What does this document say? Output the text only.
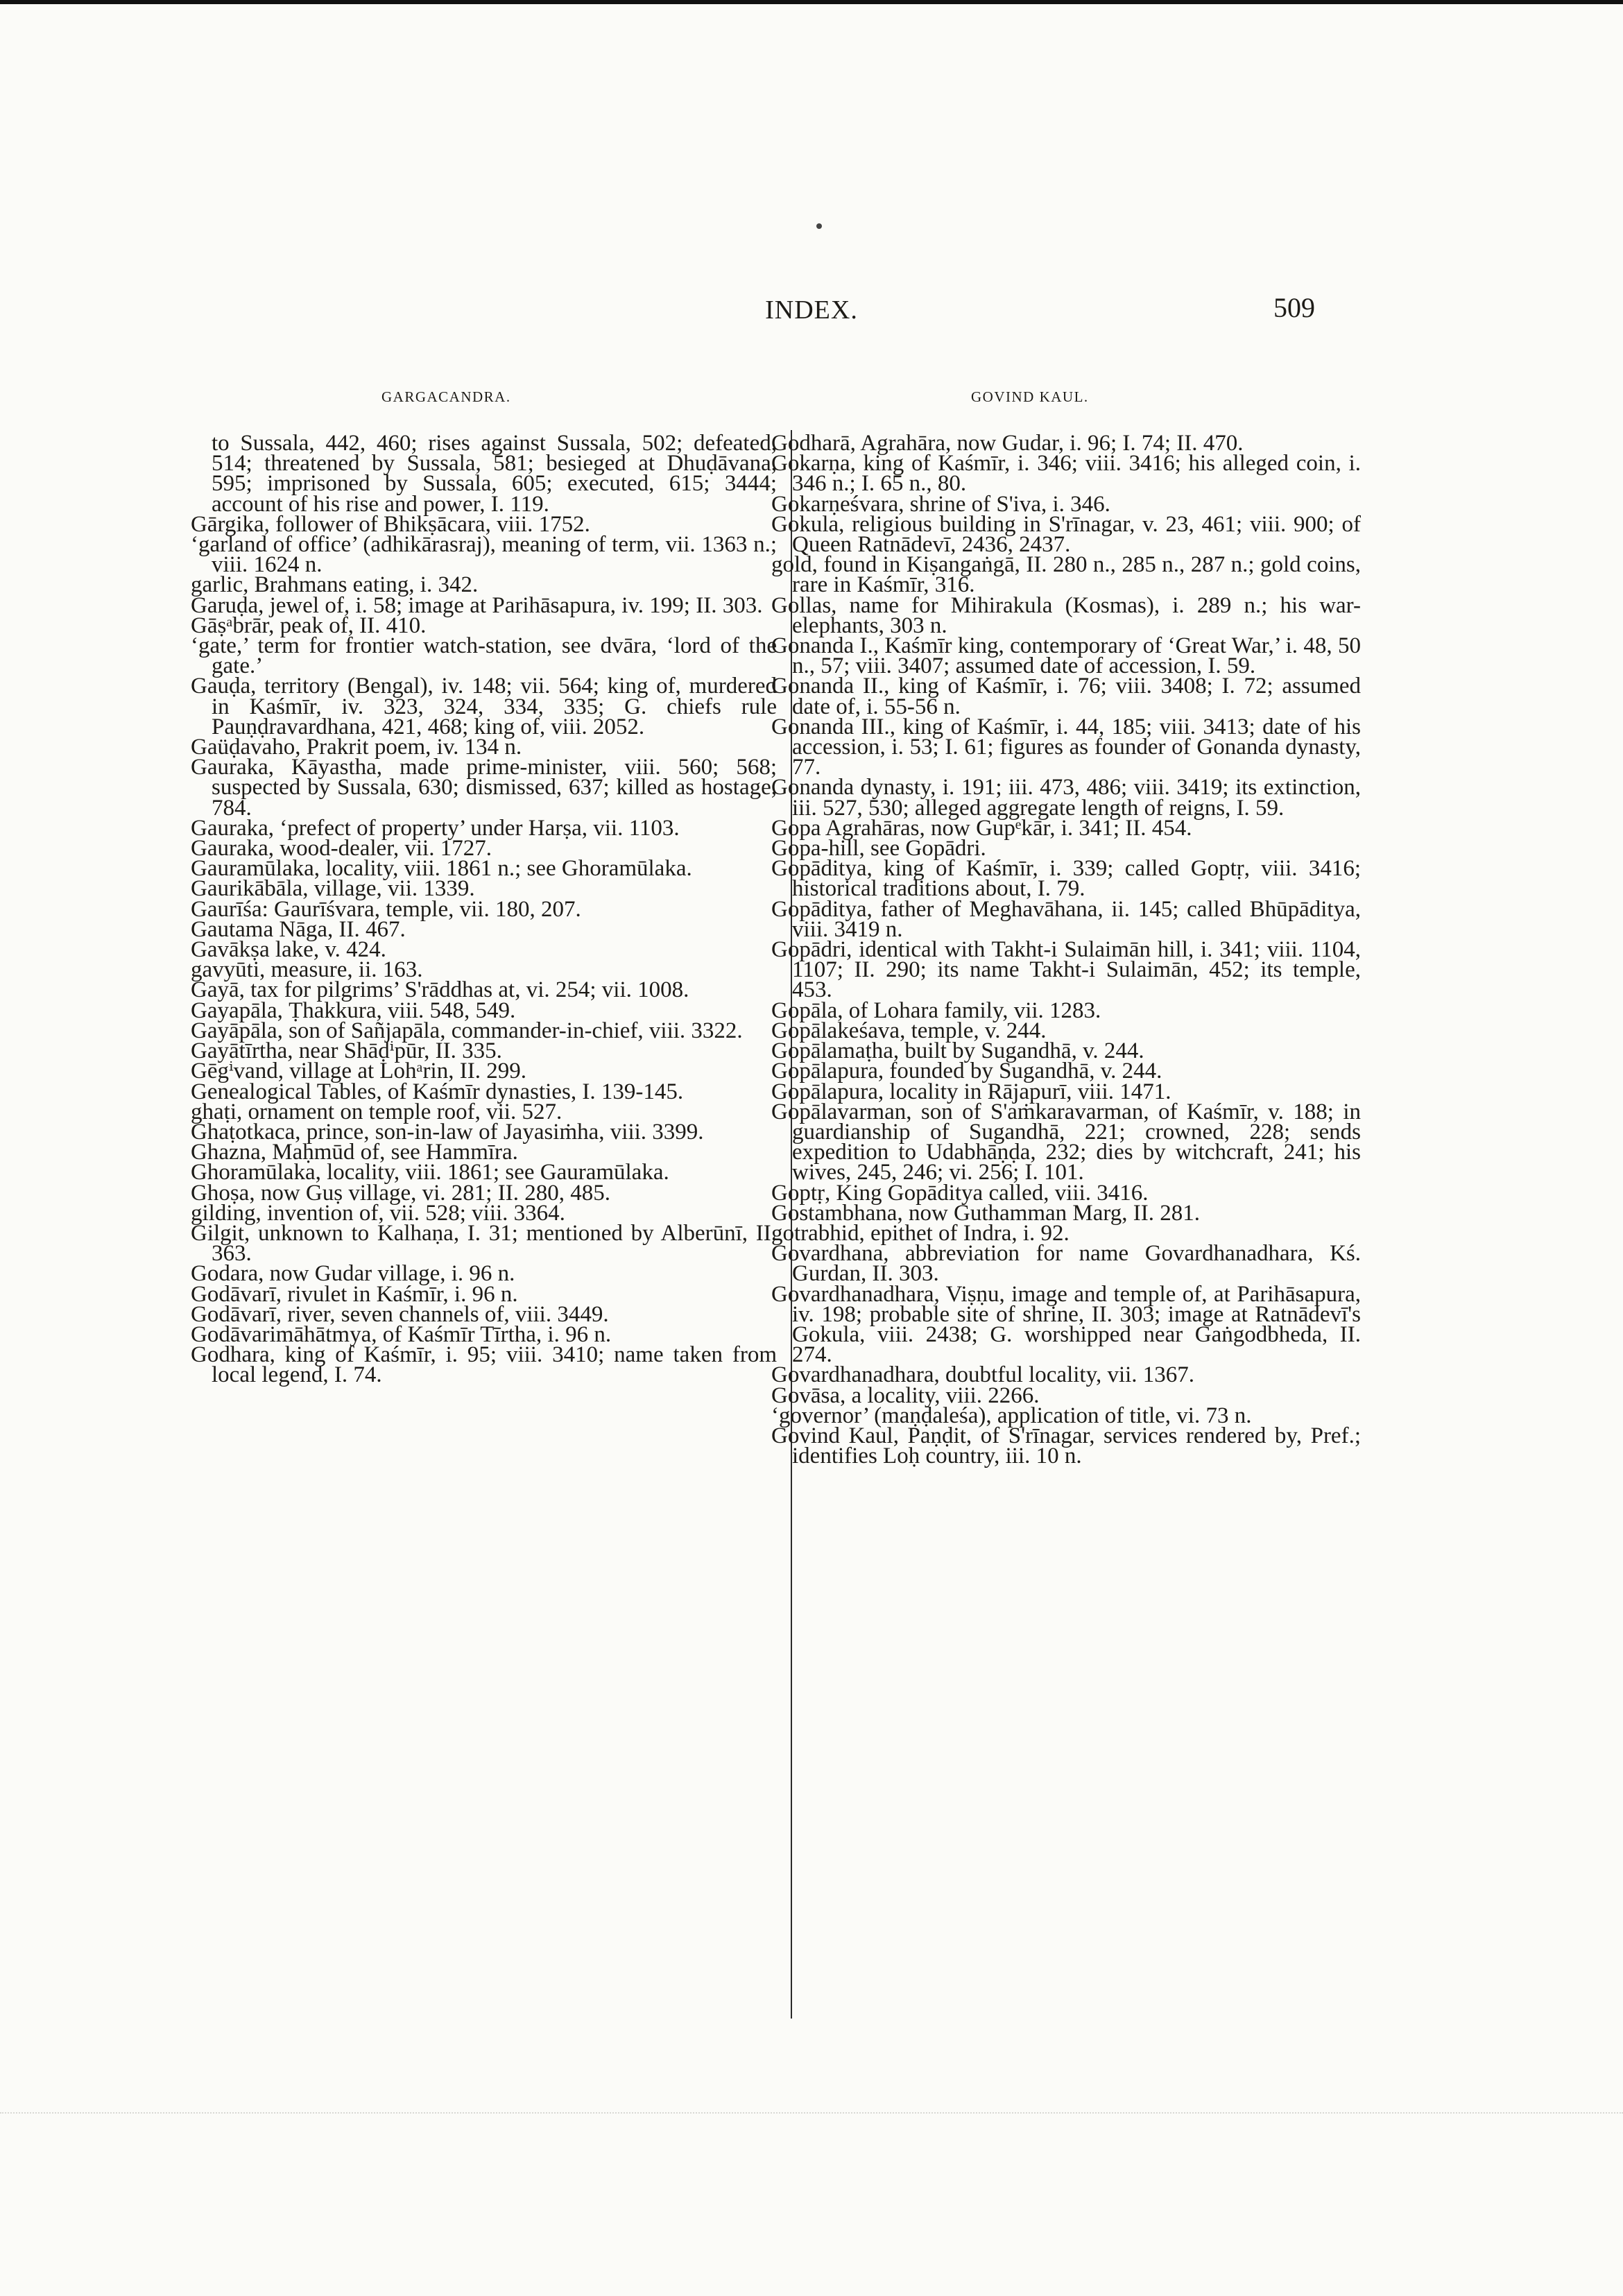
INDEX.	509
GARGACANDRA.	GOVIND KAUL.
to Sussala, 442, 460; rises against Sussala, 502; defeated, 514; threatened by Sussala, 581; besieged at Dhuḍāvana, 595; imprisoned by Sussala, 605; executed, 615; 3444; account of his rise and power, I. 119.
Gārgika, follower of Bhikṣācara, viii. 1752.
‘garland of office’ (adhikārasraj), meaning of term, vii. 1363 n.; viii. 1624 n.
garlic, Brahmans eating, i. 342.
Garuḍa, jewel of, i. 58; image at Parihāsapura, iv. 199; II. 303.
Gāṣᵃbrār, peak of, II. 410.
‘gate,’ term for frontier watch-station, see dvāra, ‘lord of the gate.’
Gauḍa, territory (Bengal), iv. 148; vii. 564; king of, murdered in Kaśmīr, iv. 323, 324, 334, 335; G. chiefs rule Pauṇḍravardhana, 421, 468; king of, viii. 2052.
Gaüḍavaho, Prakrit poem, iv. 134 n.
Gauraka, Kāyastha, made prime-minister, viii. 560; 568; suspected by Sussala, 630; dismissed, 637; killed as hostage, 784.
Gauraka, ‘prefect of property’ under Harṣa, vii. 1103.
Gauraka, wood-dealer, vii. 1727.
Gauramūlaka, locality, viii. 1861 n.; see Ghoramūlaka.
Gaurikābāla, village, vii. 1339.
Gaurīśa: Gaurīśvara, temple, vii. 180, 207.
Gautama Nāga, II. 467.
Gavākṣa lake, v. 424.
gavyūti, measure, ii. 163.
Gayā, tax for pilgrims’ S'rāddhas at, vi. 254; vii. 1008.
Gayapāla, Ṭhakkura, viii. 548, 549.
Gayāpāla, son of Sañjapāla, commander-in-chief, viii. 3322.
Gayātīrtha, near Shāḍⁱpūr, II. 335.
Gēgⁱvand, village at Lohᵃrin, II. 299.
Genealogical Tables, of Kaśmīr dynasties, I. 139-145.
ghaṭi, ornament on temple roof, vii. 527.
Ghaṭotkaca, prince, son-in-law of Jayasiṁha, viii. 3399.
Ghazna, Maḥmūd of, see Hammīra.
Ghoramūlaka, locality, viii. 1861; see Gauramūlaka.
Ghoṣa, now Guṣ village, vi. 281; II. 280, 485.
gilding, invention of, vii. 528; viii. 3364.
Gilgit, unknown to Kalhaṇa, I. 31; mentioned by Alberūnī, II. 363.
Godara, now Gudar village, i. 96 n.
Godāvarī, rivulet in Kaśmīr, i. 96 n.
Godāvarī, river, seven channels of, viii. 3449.
Godāvarimāhātmya, of Kaśmīr Tīrtha, i. 96 n.
Godhara, king of Kaśmīr, i. 95; viii. 3410; name taken from local legend, I. 74.
Godharā, Agrahāra, now Gudar, i. 96; I. 74; II. 470.
Gokarṇa, king of Kaśmīr, i. 346; viii. 3416; his alleged coin, i. 346 n.; I. 65 n., 80.
Gokarṇeśvara, shrine of S'iva, i. 346.
Gokula, religious building in S'rīnagar, v. 23, 461; viii. 900; of Queen Ratnādevī, 2436, 2437.
gold, found in Kiṣangaṅgā, II. 280 n., 285 n., 287 n.; gold coins, rare in Kaśmīr, 316.
Gollas, name for Mihirakula (Kosmas), i. 289 n.; his war-elephants, 303 n.
Gonanda I., Kaśmīr king, contemporary of ‘Great War,’ i. 48, 50 n., 57; viii. 3407; assumed date of accession, I. 59.
Gonanda II., king of Kaśmīr, i. 76; viii. 3408; I. 72; assumed date of, i. 55-56 n.
Gonanda III., king of Kaśmīr, i. 44, 185; viii. 3413; date of his accession, i. 53; I. 61; figures as founder of Gonanda dynasty, 77.
Gonanda dynasty, i. 191; iii. 473, 486; viii. 3419; its extinction, iii. 527, 530; alleged aggregate length of reigns, I. 59.
Gopa Agrahāras, now Gupᵉkār, i. 341; II. 454.
Gopa-hill, see Gopādri.
Gopāditya, king of Kaśmīr, i. 339; called Goptṛ, viii. 3416; historical traditions about, I. 79.
Gopāditya, father of Meghavāhana, ii. 145; called Bhūpāditya, viii. 3419 n.
Gopādri, identical with Takht-i Sulaimān hill, i. 341; viii. 1104, 1107; II. 290; its name Takht-i Sulaimān, 452; its temple, 453.
Gopāla, of Lohara family, vii. 1283.
Gopālakeśava, temple, v. 244.
Gopālamaṭha, built by Sugandhā, v. 244.
Gopālapura, founded by Sugandhā, v. 244.
Gopālapura, locality in Rājapurī, viii. 1471.
Gopālavarman, son of S'aṁkaravarman, of Kaśmīr, v. 188; in guardianship of Sugandhā, 221; crowned, 228; sends expedition to Udabhāṇḍa, 232; dies by witchcraft, 241; his wives, 245, 246; vi. 256; I. 101.
Goptṛ, King Gopāditya called, viii. 3416.
Gostambhana, now Guthamman Marg, II. 281.
gotrabhid, epithet of Indra, i. 92.
Govardhana, abbreviation for name Govardhanadhara, Kś. Gurdan, II. 303.
Govardhanadhara, Viṣṇu, image and temple of, at Parihāsapura, iv. 198; probable site of shrine, II. 303; image at Ratnādevī's Gokula, viii. 2438; G. worshipped near Gaṅgodbheda, II. 274.
Govardhanadhara, doubtful locality, vii. 1367.
Govāsa, a locality, viii. 2266.
‘governor’ (maṇḍaleśa), application of title, vi. 73 n.
Govind Kaul, Paṇḍit, of S'rīnagar, services rendered by, Pref.; identifies Loḥ country, iii. 10 n.
